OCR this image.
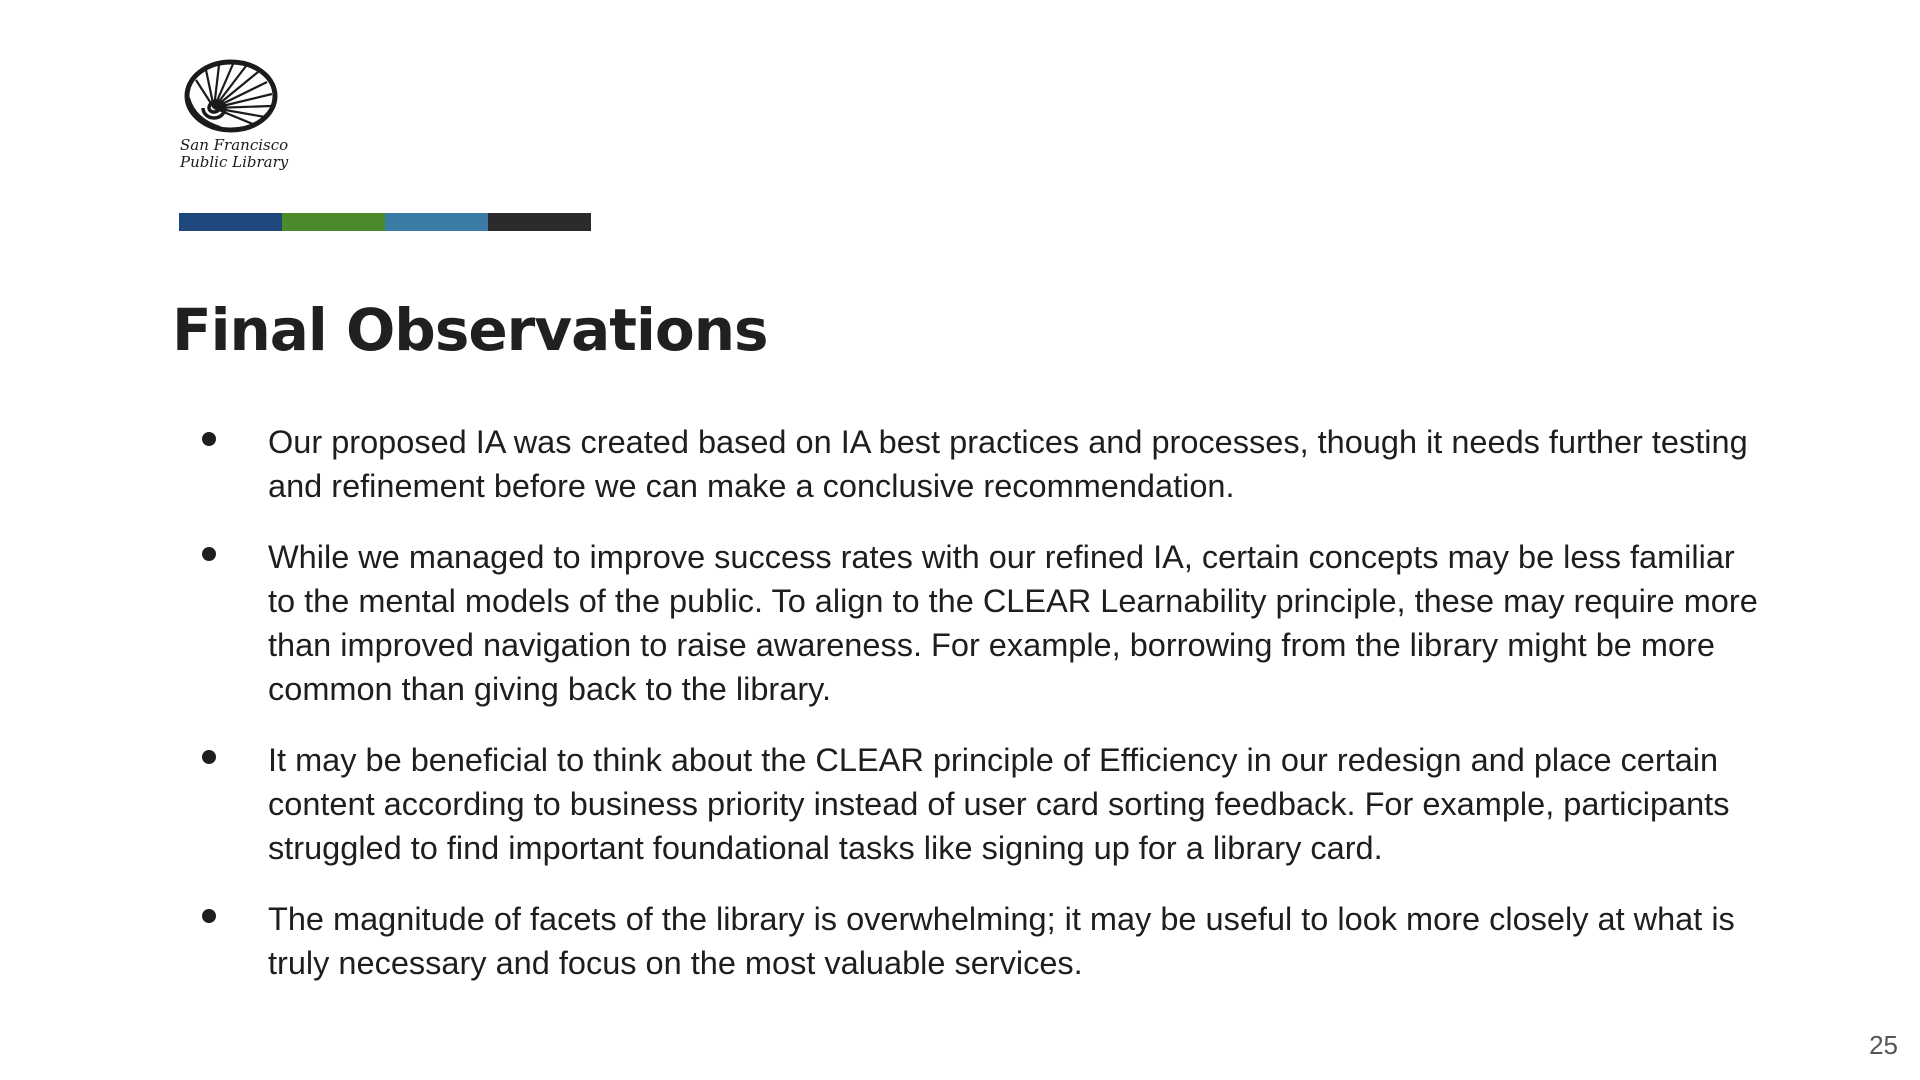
San Francisco
Public Library
Final Observations
Our proposed IA was created based on IA best practices and processes, though it needs further testing and refinement before we can make a conclusive recommendation.
While we managed to improve success rates with our refined IA, certain concepts may be less familiar to the mental models of the public. To align to the CLEAR Learnability principle, these may require more than improved navigation to raise awareness. For example, borrowing from the library might be more common than giving back to the library.
It may be beneficial to think about the CLEAR principle of Efficiency in our redesign and place certain content according to business priority instead of user card sorting feedback. For example, participants struggled to find important foundational tasks like signing up for a library card.
The magnitude of facets of the library is overwhelming; it may be useful to look more closely at what is truly necessary and focus on the most valuable services.
25
